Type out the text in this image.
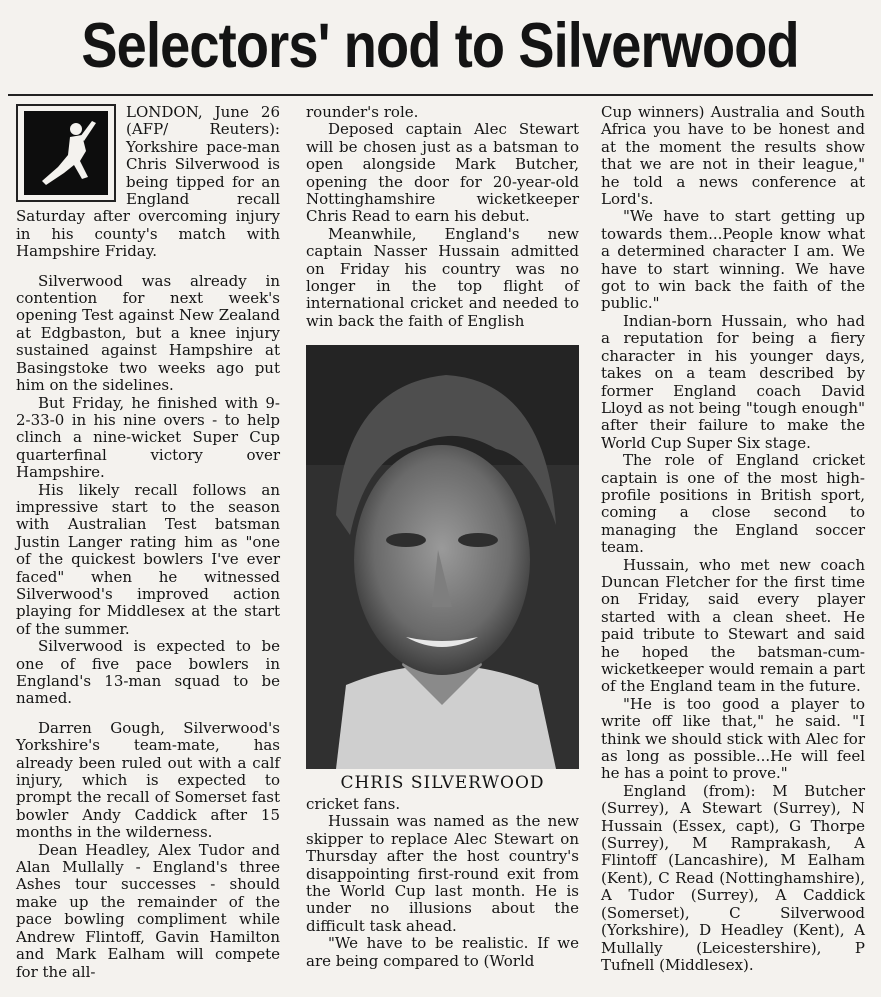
Selectors' nod to Silverwood

LONDON, June 26 (AFP/ Reuters): Yorkshire pace-man Chris Silverwood is being tipped for an England recall Saturday after overcoming injury in his county's match with Hampshire Friday.

Silverwood was already in contention for next week's opening Test against New Zealand at Edgbaston, but a knee injury sustained against Hampshire at Basingstoke two weeks ago put him on the sidelines.

But Friday, he finished with 9-2-33-0 in his nine overs - to help clinch a nine-wicket Super Cup quarterfinal victory over Hampshire.

His likely recall follows an impressive start to the season with Australian Test batsman Justin Langer rating him as "one of the quickest bowlers I've ever faced" when he witnessed Silverwood's improved action playing for Middlesex at the start of the summer.

Silverwood is expected to be one of five pace bowlers in England's 13-man squad to be named.

Darren Gough, Silverwood's Yorkshire's team-mate, has already been ruled out with a calf injury, which is expected to prompt the recall of Somerset fast bowler Andy Caddick after 15 months in the wilderness.

Dean Headley, Alex Tudor and Alan Mullally - England's three Ashes tour successes - should make up the remainder of the pace bowling compliment while Andrew Flintoff, Gavin Hamilton and Mark Ealham will compete for the all-

rounder's role.

Deposed captain Alec Stewart will be chosen just as a batsman to open alongside Mark Butcher, opening the door for 20-year-old Nottinghamshire wicketkeeper Chris Read to earn his debut.

Meanwhile, England's new captain Nasser Hussain admitted on Friday his country was no longer in the top flight of international cricket and needed to win back the faith of English

CHRIS SILVERWOOD

cricket fans.

Hussain was named as the new skipper to replace Alec Stewart on Thursday after the host country's disappointing first-round exit from the World Cup last month. He is under no illusions about the difficult task ahead.

"We have to be realistic. If we are being compared to (World

Cup winners) Australia and South Africa you have to be honest and at the moment the results show that we are not in their league," he told a news conference at Lord's.

"We have to start getting up towards them...People know what a determined character I am. We have to start winning. We have got to win back the faith of the public."

Indian-born Hussain, who had a reputation for being a fiery character in his younger days, takes on a team described by former England coach David Lloyd as not being "tough enough" after their failure to make the World Cup Super Six stage.

The role of England cricket captain is one of the most high-profile positions in British sport, coming a close second to managing the England soccer team.

Hussain, who met new coach Duncan Fletcher for the first time on Friday, said every player started with a clean sheet. He paid tribute to Stewart and said he hoped the batsman-cum-wicketkeeper would remain a part of the England team in the future.

"He is too good a player to write off like that," he said. "I think we should stick with Alec for as long as possible...He will feel he has a point to prove."

England (from): M Butcher (Surrey), A Stewart (Surrey), N Hussain (Essex, capt), G Thorpe (Surrey), M Ramprakash, A Flintoff (Lancashire), M Ealham (Kent), C Read (Nottinghamshire), A Tudor (Surrey), A Caddick (Somerset), C Silverwood (Yorkshire), D Headley (Kent), A Mullally (Leicestershire), P Tufnell (Middlesex).
